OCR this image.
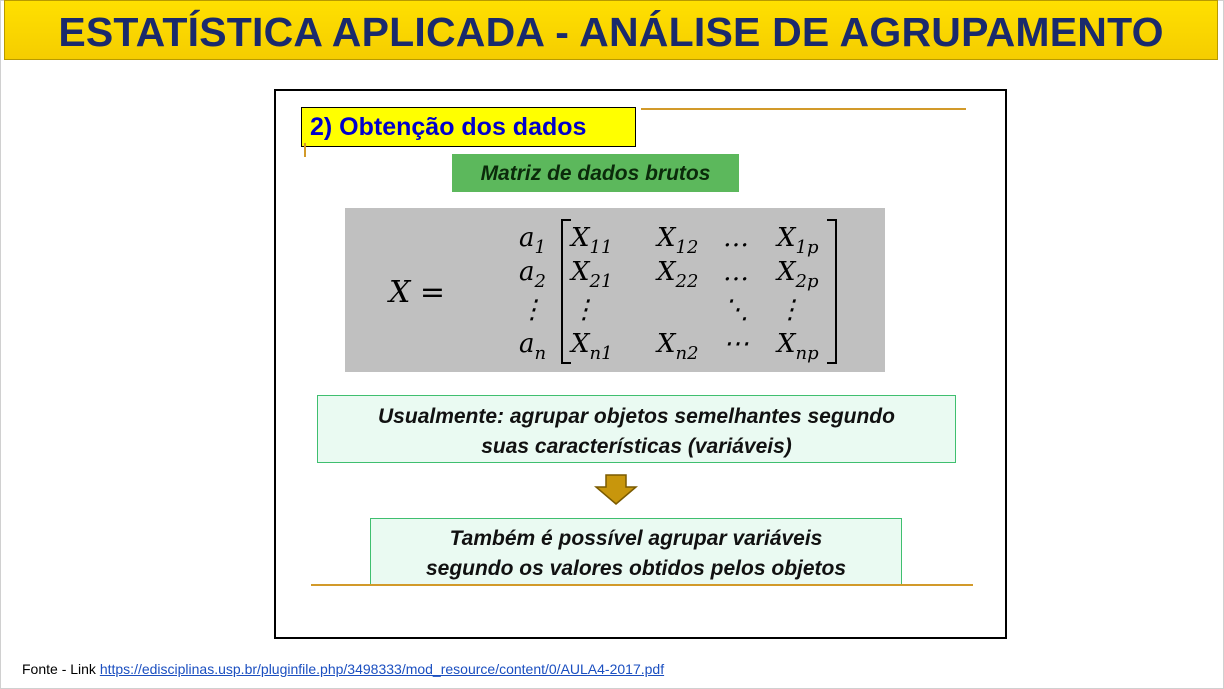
ESTATÍSTICA APLICADA - ANÁLISE DE AGRUPAMENTO
2) Obtenção dos dados
Matriz de dados brutos
X =
$a_1$
$a_2$
⋮
$a_n$
$X_{11}$ $X_{12}$ … $X_{1p}$
$X_{21}$ $X_{22}$ … $X_{2p}$
⋮	⋱ ⋮
$X_{n1}$ $X_{n2}$ ⋯ $X_{np}$
Usualmente: agrupar objetos semelhantes segundo
suas características (variáveis)
Também é possível agrupar variáveis
segundo os valores obtidos pelos objetos
Fonte - Link https://edisciplinas.usp.br/pluginfile.php/3498333/mod_resource/content/0/AULA4-2017.pdf
